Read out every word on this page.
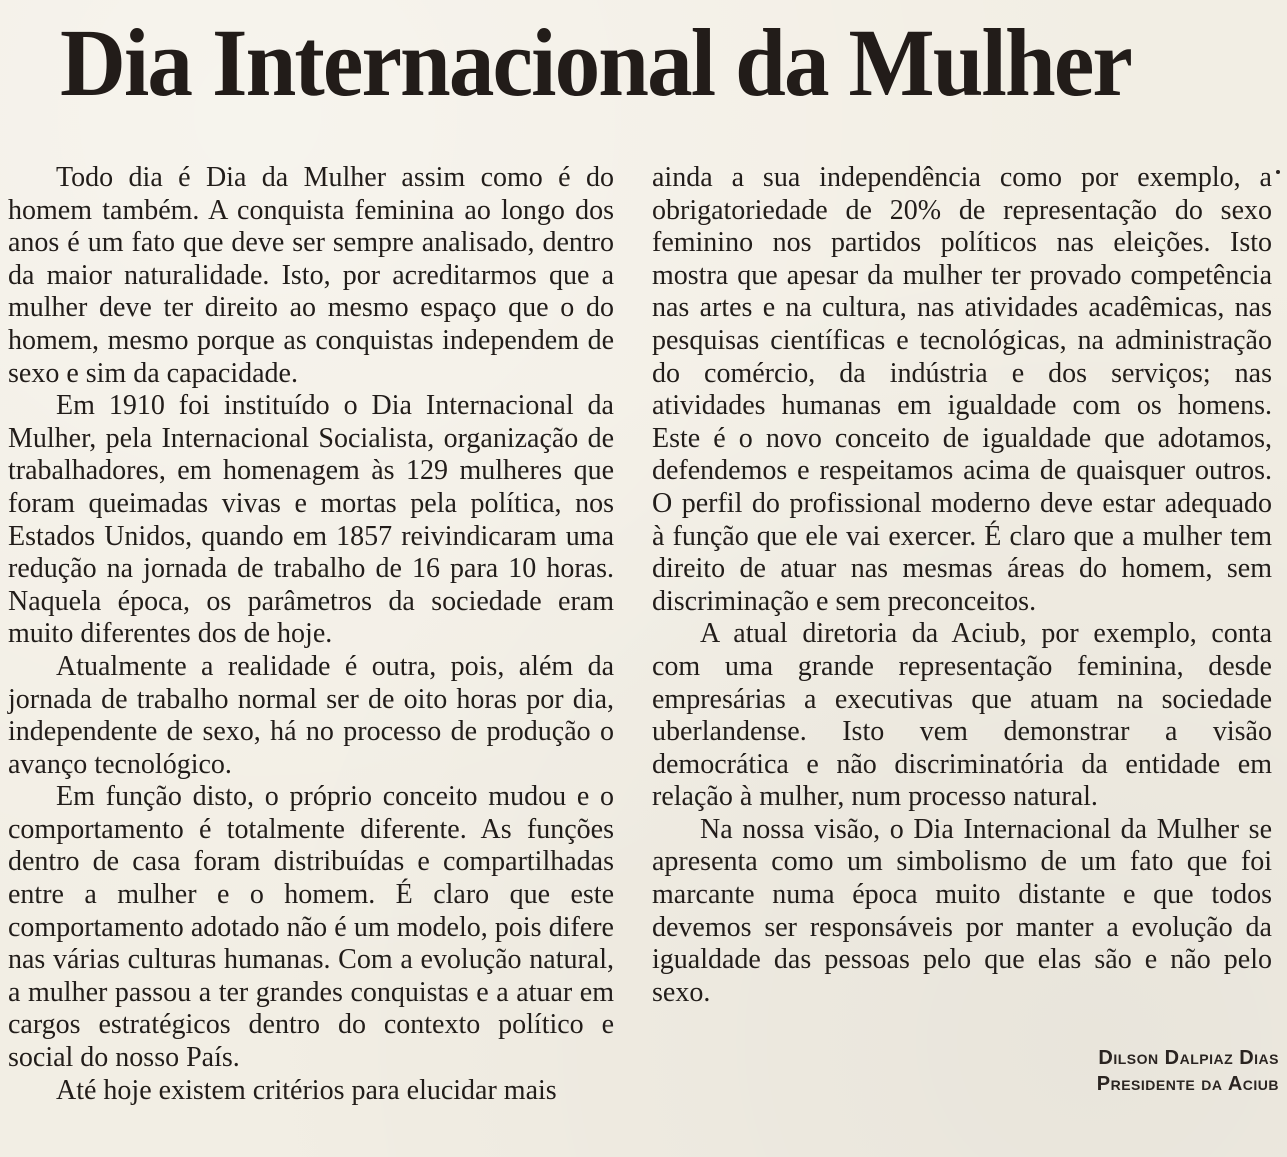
Dia Internacional da Mulher

Todo dia é Dia da Mulher assim como é do homem também. A conquista feminina ao longo dos anos é um fato que deve ser sempre analisado, dentro da maior naturalidade. Isto, por acreditarmos que a mulher deve ter direito ao mesmo espaço que o do homem, mesmo porque as conquistas independem de sexo e sim da capacidade.

Em 1910 foi instituído o Dia Internacional da Mulher, pela Internacional Socialista, organização de trabalhadores, em homenagem às 129 mulheres que foram queimadas vivas e mortas pela política, nos Estados Unidos, quando em 1857 reivindicaram uma redução na jornada de trabalho de 16 para 10 horas. Naquela época, os parâmetros da sociedade eram muito diferentes dos de hoje.

Atualmente a realidade é outra, pois, além da jornada de trabalho normal ser de oito horas por dia, independente de sexo, há no processo de produção o avanço tecnológico.

Em função disto, o próprio conceito mudou e o comportamento é totalmente diferente. As funções dentro de casa foram distribuídas e compartilhadas entre a mulher e o homem. É claro que este comportamento adotado não é um modelo, pois difere nas várias culturas humanas. Com a evolução natural, a mulher passou a ter grandes conquistas e a atuar em cargos estratégicos dentro do contexto político e social do nosso País.

Até hoje existem critérios para elucidar mais

ainda a sua independência como por exemplo, a obrigatoriedade de 20% de representação do sexo feminino nos partidos políticos nas eleições. Isto mostra que apesar da mulher ter provado competência nas artes e na cultura, nas atividades acadêmicas, nas pesquisas científicas e tecnológicas, na administração do comércio, da indústria e dos serviços; nas atividades humanas em igualdade com os homens. Este é o novo conceito de igualdade que adotamos, defendemos e respeitamos acima de quaisquer outros. O perfil do profissional moderno deve estar adequado à função que ele vai exercer. É claro que a mulher tem direito de atuar nas mesmas áreas do homem, sem discriminação e sem preconceitos.

A atual diretoria da Aciub, por exemplo, conta com uma grande representação feminina, desde empresárias a executivas que atuam na sociedade uberlandense. Isto vem demonstrar a visão democrática e não discriminatória da entidade em relação à mulher, num processo natural.

Na nossa visão, o Dia Internacional da Mulher se apresenta como um simbolismo de um fato que foi marcante numa época muito distante e que todos devemos ser responsáveis por manter a evolução da igualdade das pessoas pelo que elas são e não pelo sexo.

Dilson Dalpiaz Dias
Presidente da Aciub
